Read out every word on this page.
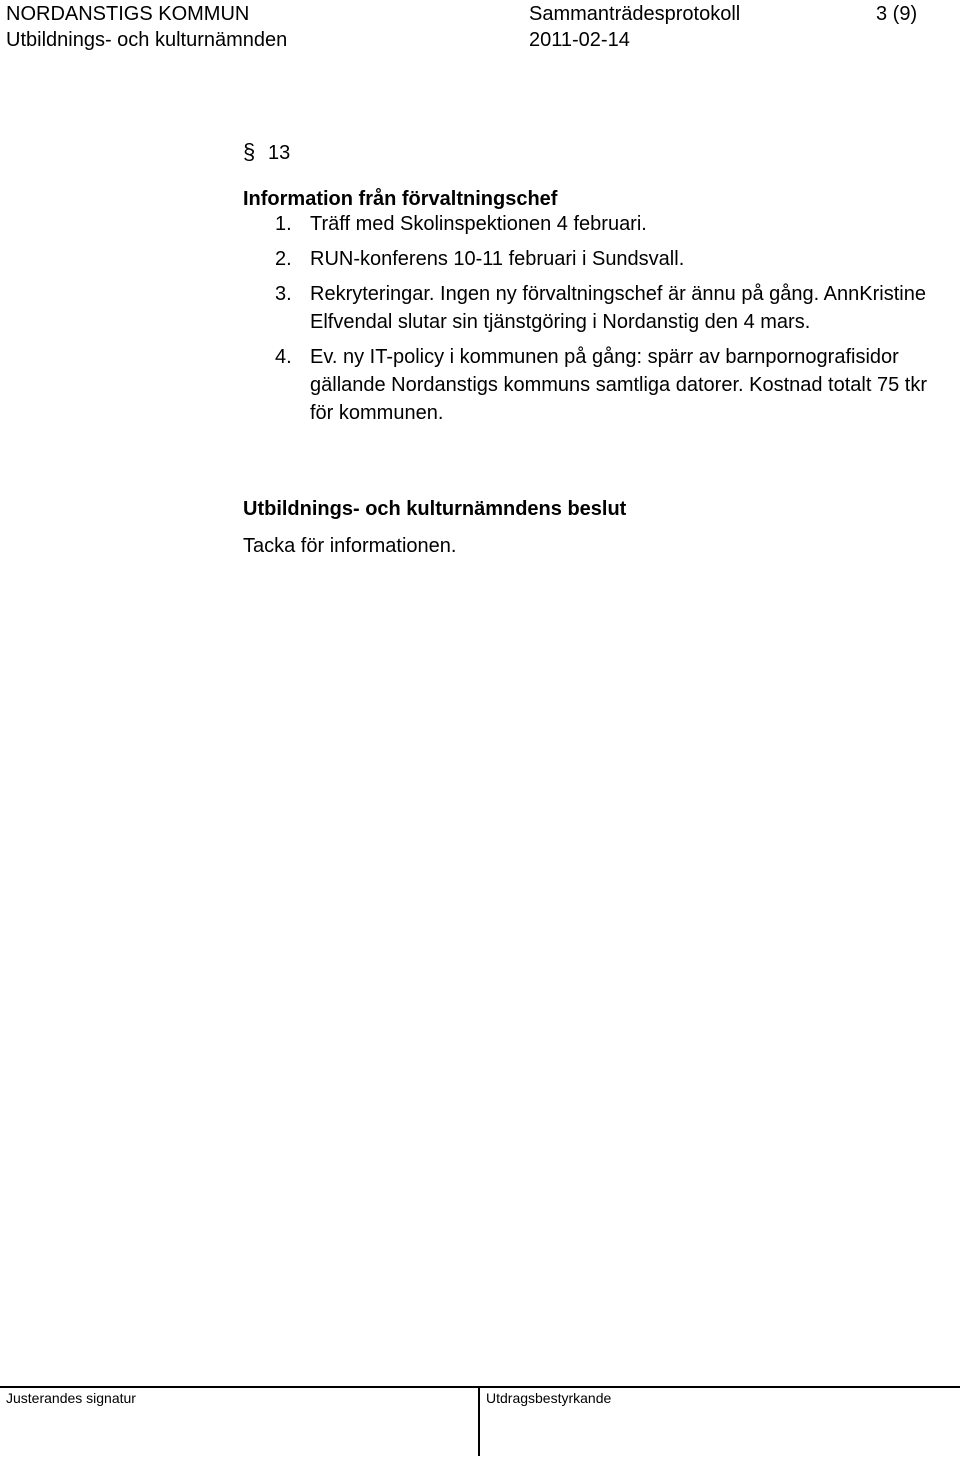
NORDANSTIGS KOMMUN	Sammanträdesprotokoll	3 (9)
Utbildnings- och kulturnämnden	2011-02-14
§ 13
Information från förvaltningschef
1. Träff med Skolinspektionen 4 februari.
2. RUN-konferens 10-11 februari i Sundsvall.
3. Rekryteringar. Ingen ny förvaltningschef är ännu på gång. AnnKristine Elfvendal slutar sin tjänstgöring i Nordanstig den 4 mars.
4. Ev. ny IT-policy i kommunen på gång: spärr av barnpornografisidor gällande Nordanstigs kommuns samtliga datorer. Kostnad totalt 75 tkr för kommunen.
Utbildnings- och kulturnämndens beslut
Tacka för informationen.
Justerandes signatur	Utdragsbestyrkande
